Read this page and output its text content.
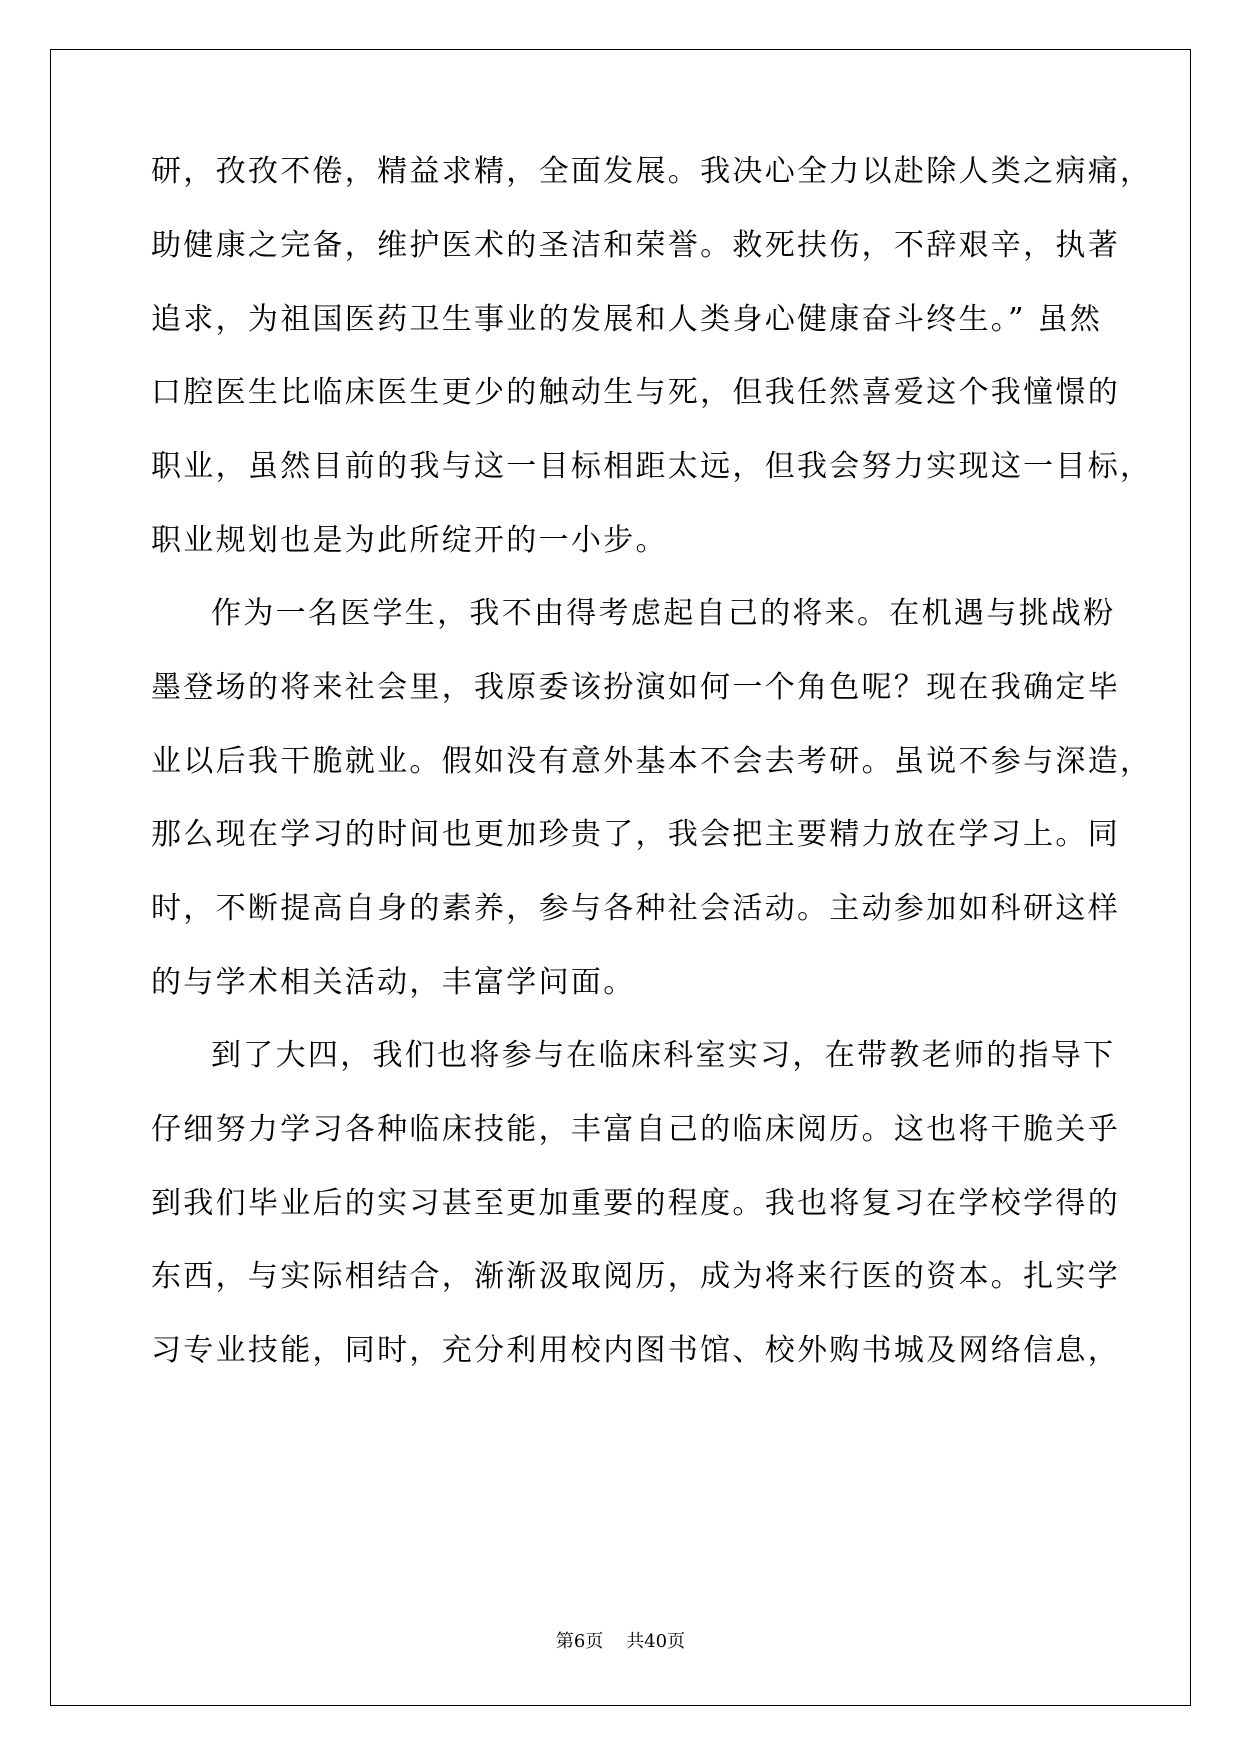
研，孜孜不倦，精益求精，全面发展。我决心全力以赴除人类之病痛，
助健康之完备，维护医术的圣洁和荣誉。救死扶伤，不辞艰辛，执著
追求，为祖国医药卫生事业的发展和人类身心健康奋斗终生。” 虽然
口腔医生比临床医生更少的触动生与死，但我任然喜爱这个我憧憬的
职业，虽然目前的我与这一目标相距太远，但我会努力实现这一目标，
职业规划也是为此所绽开的一小步。
作为一名医学生，我不由得考虑起自己的将来。在机遇与挑战粉
墨登场的将来社会里，我原委该扮演如何一个角色呢？现在我确定毕
业以后我干脆就业。假如没有意外基本不会去考研。虽说不参与深造，
那么现在学习的时间也更加珍贵了，我会把主要精力放在学习上。同
时，不断提高自身的素养，参与各种社会活动。主动参加如科研这样
的与学术相关活动，丰富学问面。
到了大四，我们也将参与在临床科室实习，在带教老师的指导下
仔细努力学习各种临床技能，丰富自己的临床阅历。这也将干脆关乎
到我们毕业后的实习甚至更加重要的程度。我也将复习在学校学得的
东西，与实际相结合，渐渐汲取阅历，成为将来行医的资本。扎实学
习专业技能，同时，充分利用校内图书馆、校外购书城及网络信息，
第6页 共40页
